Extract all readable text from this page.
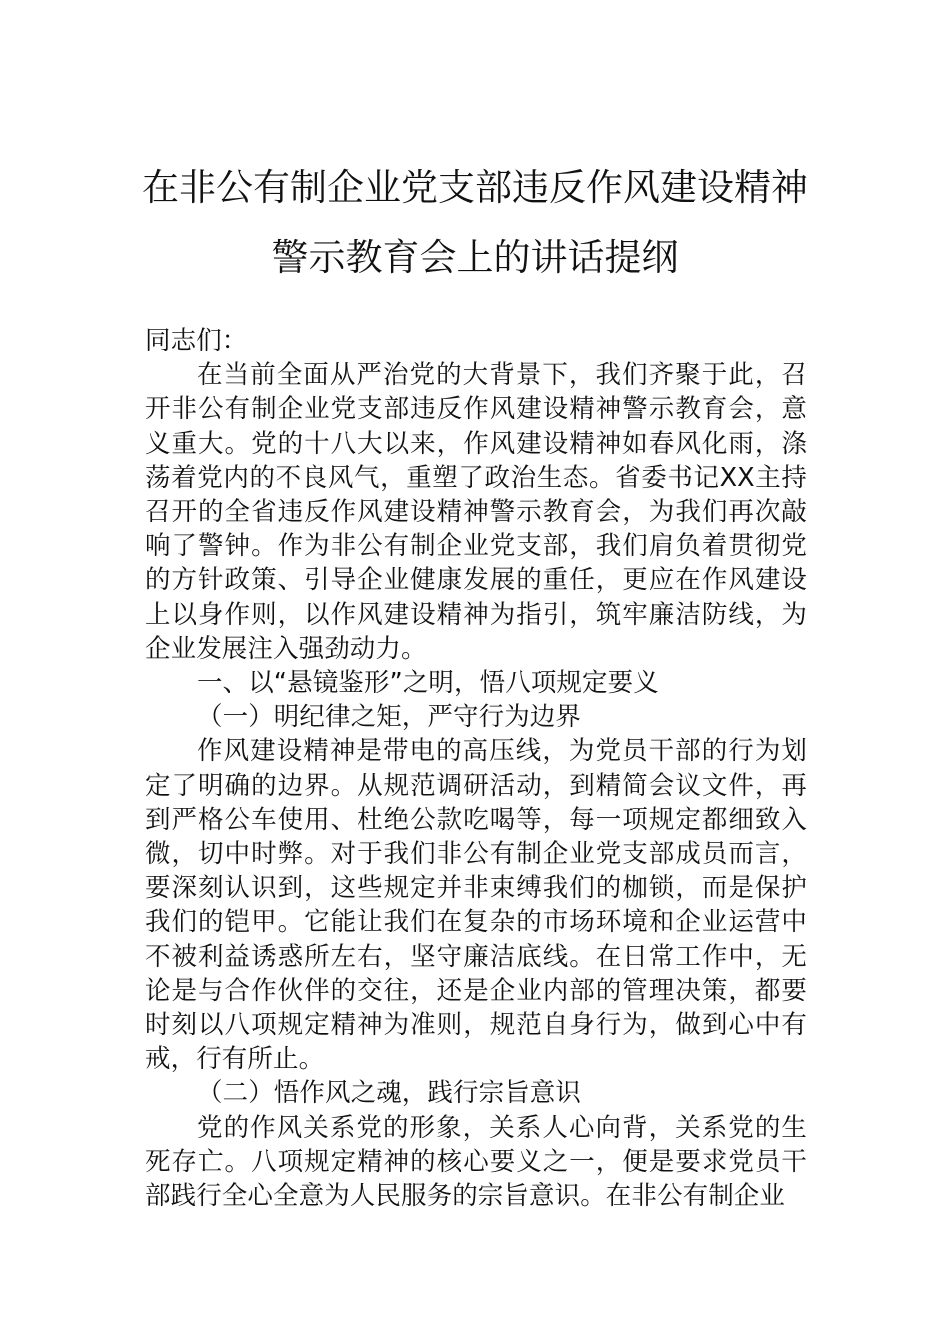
在非公有制企业党支部违反作风建设精神
警示教育会上的讲话提纲

同志们：

在当前全面从严治党的大背景下，我们齐聚于此，召开非公有制企业党支部违反作风建设精神警示教育会，意义重大。党的十八大以来，作风建设精神如春风化雨，涤荡着党内的不良风气，重塑了政治生态。省委书记XX主持召开的全省违反作风建设精神警示教育会，为我们再次敲响了警钟。作为非公有制企业党支部，我们肩负着贯彻党的方针政策、引导企业健康发展的重任，更应在作风建设上以身作则，以作风建设精神为指引，筑牢廉洁防线，为企业发展注入强劲动力。

一、以“悬镜鉴形”之明，悟八项规定要义

（一）明纪律之矩，严守行为边界

作风建设精神是带电的高压线，为党员干部的行为划定了明确的边界。从规范调研活动，到精简会议文件，再到严格公车使用、杜绝公款吃喝等，每一项规定都细致入微，切中时弊。对于我们非公有制企业党支部成员而言，要深刻认识到，这些规定并非束缚我们的枷锁，而是保护我们的铠甲。它能让我们在复杂的市场环境和企业运营中不被利益诱惑所左右，坚守廉洁底线。在日常工作中，无论是与合作伙伴的交往，还是企业内部的管理决策，都要时刻以八项规定精神为准则，规范自身行为，做到心中有戒，行有所止。

（二）悟作风之魂，践行宗旨意识

党的作风关系党的形象，关系人心向背，关系党的生死存亡。八项规定精神的核心要义之一，便是要求党员干部践行全心全意为人民服务的宗旨意识。在非公有制企业
